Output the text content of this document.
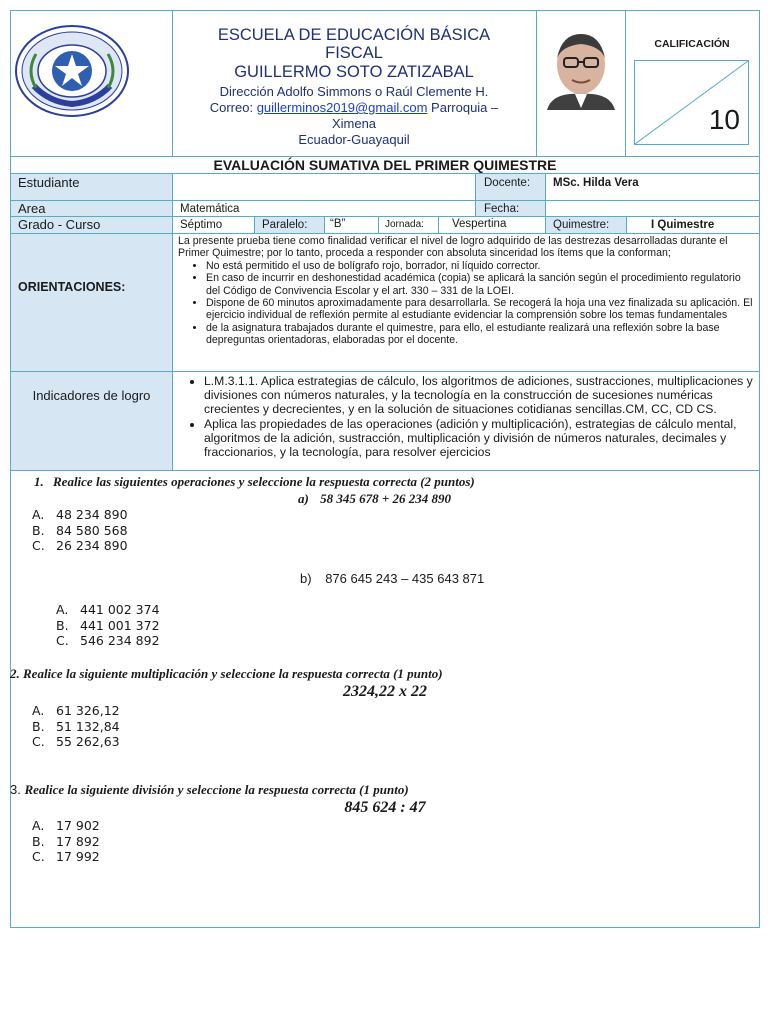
ESCUELA DE EDUCACIÓN BÁSICA
FISCAL
GUILLERMO SOTO ZATIZABAL
Dirección Adolfo Simmons o Raúl Clemente H.
Correo: guillerminos2019@gmail.com Parroquia –
Ximena
Ecuador-Guayaquil
CALIFICACIÓN
10
EVALUACIÓN SUMATIVA DEL PRIMER QUIMESTRE
Estudiante	Docente: MSc. Hilda Vera
Area	Matemática	Fecha:
Grado - Curso	Séptimo	Paralelo: “B”	Jornada: Vespertina	Quimestre:	I Quimestre
ORIENTACIONES:
La presente prueba tiene como finalidad verificar el nivel de logro adquirido de las destrezas desarrolladas durante el Primer Quimestre; por lo tanto, proceda a responder con absoluta sinceridad los ítems que la conforman;
• No está permitido el uso de bolígrafo rojo, borrador, ni líquido corrector.
• En caso de incurrir en deshonestidad académica (copia) se aplicará la sanción según el procedimiento regulatorio del Código de Convivencia Escolar y el art. 330 – 331 de la LOEI.
• Dispone de 60 minutos aproximadamente para desarrollarla. Se recogerá la hoja una vez finalizada su aplicación. El ejercicio individual de reflexión permite al estudiante evidenciar la comprensión sobre los temas fundamentales
• de la asignatura trabajados durante el quimestre, para ello, el estudiante realizará una reflexión sobre la base depreguntas orientadoras, elaboradas por el docente.
Indicadores de logro
• L.M.3.1.1. Aplica estrategias de cálculo, los algoritmos de adiciones, sustracciones, multiplicaciones y divisiones con números naturales, y la tecnología en la construcción de sucesiones numéricas crecientes y decrecientes, y en la solución de situaciones cotidianas sencillas.CM, CC, CD CS.
• Aplica las propiedades de las operaciones (adición y multiplicación), estrategias de cálculo mental, algoritmos de la adición, sustracción, multiplicación y división de números naturales, decimales y fraccionarios, y la tecnología, para resolver ejercicios
1. Realice las siguientes operaciones y seleccione la respuesta correcta (2 puntos)
a) 58 345 678 + 26 234 890
A. 48 234 890
B. 84 580 568
C. 26 234 890
b) 876 645 243 – 435 643 871
A. 441 002 374
B. 441 001 372
C. 546 234 892
2. Realice la siguiente multiplicación y seleccione la respuesta correcta (1 punto)
2324,22 x 22
A. 61 326,12
B. 51 132,84
C. 55 262,63
3. Realice la siguiente división y seleccione la respuesta correcta (1 punto)
845 624 : 47
A. 17 902
B. 17 892
C. 17 992
